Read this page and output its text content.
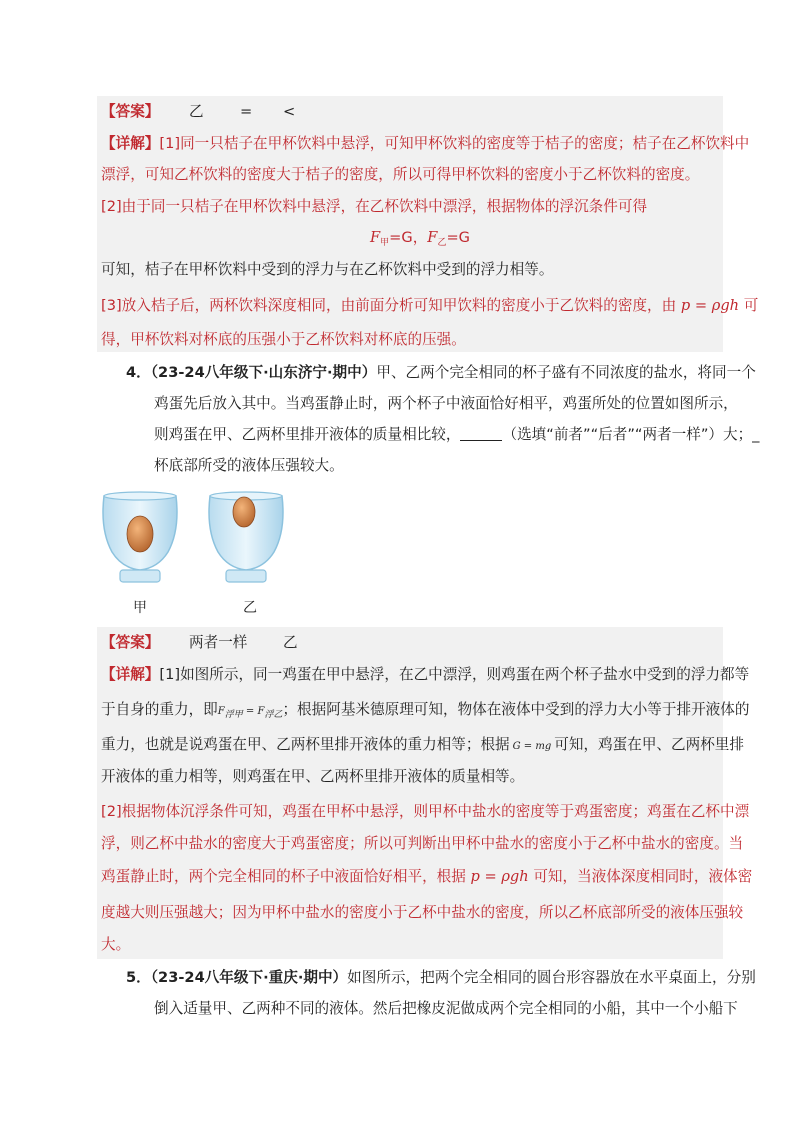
【答案】 乙 = <
【详解】[1]同一只桔子在甲杯饮料中悬浮，可知甲杯饮料的密度等于桔子的密度；桔子在乙杯饮料中
漂浮，可知乙杯饮料的密度大于桔子的密度，所以可得甲杯饮料的密度小于乙杯饮料的密度。
[2]由于同一只桔子在甲杯饮料中悬浮，在乙杯饮料中漂浮，根据物体的浮沉条件可得
$F_甲=G$，$F_乙=G$
可知，桔子在甲杯饮料中受到的浮力与在乙杯饮料中受到的浮力相等。
[3]放入桔子后，两杯饮料深度相同，由前面分析可知甲饮料的密度小于乙饮料的密度，由 p = ρgh 可
得，甲杯饮料对杯底的压强小于乙杯饮料对杯底的压强。
4．（23-24八年级下·山东济宁·期中）甲、乙两个完全相同的杯子盛有不同浓度的盐水，将同一个
鸡蛋先后放入其中。当鸡蛋静止时，两个杯子中液面恰好相平，鸡蛋所处的位置如图所示，
则鸡蛋在甲、乙两杯里排开液体的质量相比较，	（选填“前者”“后者”“两者一样”）大；_
杯底部所受的液体压强较大。
甲	乙
【答案】 两者一样 乙
【详解】[1]如图所示，同一鸡蛋在甲中悬浮，在乙中漂浮，则鸡蛋在两个杯子盐水中受到的浮力都等
于自身的重力，即F浮甲 = F浮乙；根据阿基米德原理可知，物体在液体中受到的浮力大小等于排开液体的
重力，也就是说鸡蛋在甲、乙两杯里排开液体的重力相等；根据 G = mg 可知，鸡蛋在甲、乙两杯里排
开液体的重力相等，则鸡蛋在甲、乙两杯里排开液体的质量相等。
[2]根据物体沉浮条件可知，鸡蛋在甲杯中悬浮，则甲杯中盐水的密度等于鸡蛋密度；鸡蛋在乙杯中漂
浮，则乙杯中盐水的密度大于鸡蛋密度；所以可判断出甲杯中盐水的密度小于乙杯中盐水的密度。当
鸡蛋静止时，两个完全相同的杯子中液面恰好相平，根据 p = ρgh 可知，当液体深度相同时，液体密
度越大则压强越大；因为甲杯中盐水的密度小于乙杯中盐水的密度，所以乙杯底部所受的液体压强较
大。
5．（23-24八年级下·重庆·期中）如图所示，把两个完全相同的圆台形容器放在水平桌面上，分别
倒入适量甲、乙两种不同的液体。然后把橡皮泥做成两个完全相同的小船，其中一个小船下
